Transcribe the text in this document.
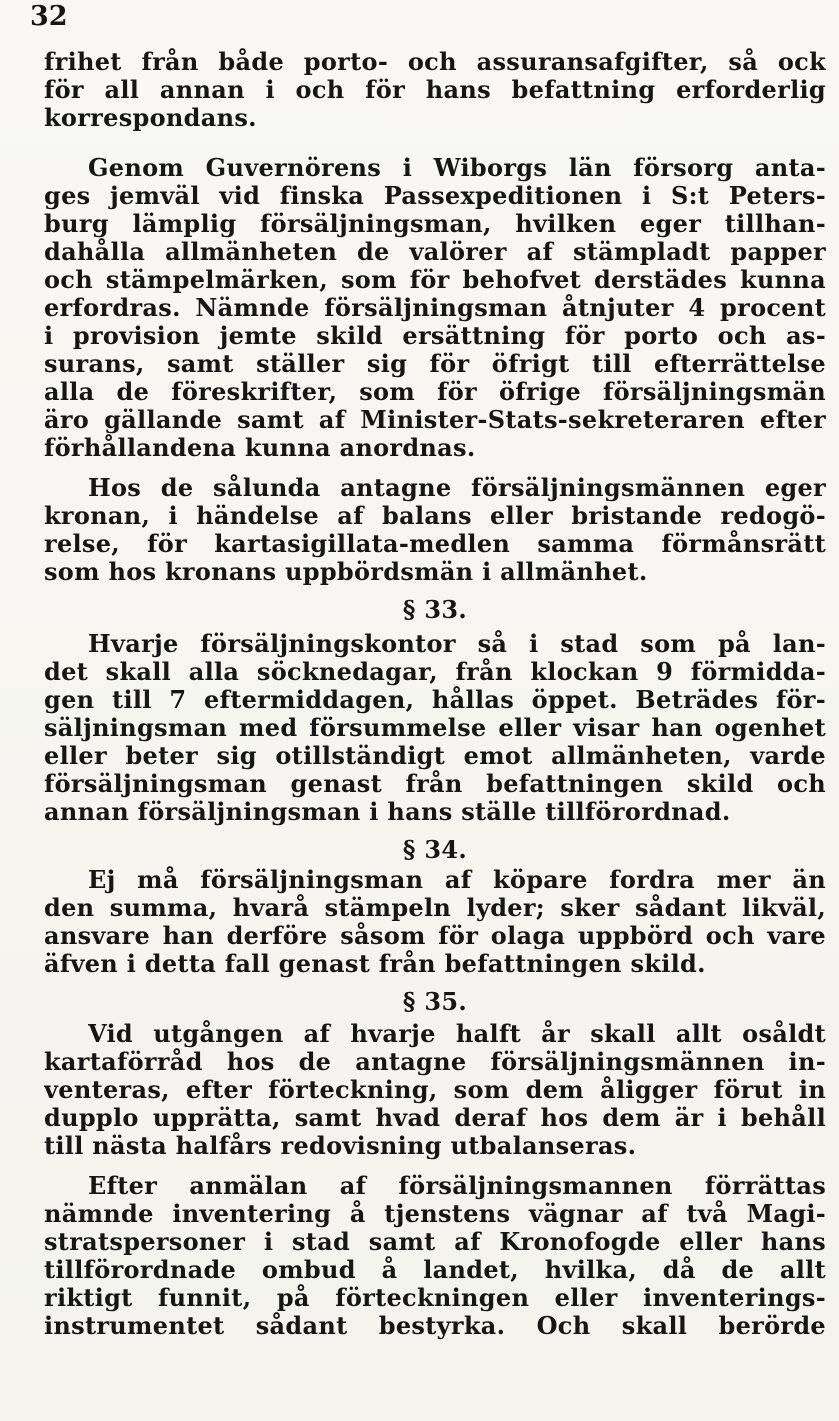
32
frihet från både porto- och assuransafgifter, så ock
för all annan i och för hans befattning erforderlig
korrespondans.
Genom Guvernörens i Wiborgs län försorg anta-
ges jemväl vid finska Passexpeditionen i S:t Peters-
burg lämplig försäljningsman, hvilken eger tillhan-
dahålla allmänheten de valörer af stämpladt papper
och stämpelmärken, som för behofvet derstädes kunna
erfordras. Nämnde försäljningsman åtnjuter 4 procent
i provision jemte skild ersättning för porto och as-
surans, samt ställer sig för öfrigt till efterrättelse
alla de föreskrifter, som för öfrige försäljningsmän
äro gällande samt af Minister-Stats-sekreteraren efter
förhållandena kunna anordnas.
Hos de sålunda antagne försäljningsmännen eger
kronan, i händelse af balans eller bristande redogö-
relse, för kartasigillata-medlen samma förmånsrätt
som hos kronans uppbördsmän i allmänhet.
§ 33.
Hvarje försäljningskontor så i stad som på lan-
det skall alla söcknedagar, från klockan 9 förmidda-
gen till 7 eftermiddagen, hållas öppet. Beträdes för-
säljningsman med försummelse eller visar han ogenhet
eller beter sig otillständigt emot allmänheten, varde
försäljningsman genast från befattningen skild och
annan försäljningsman i hans ställe tillförordnad.
§ 34.
Ej må försäljningsman af köpare fordra mer än
den summa, hvarå stämpeln lyder; sker sådant likväl,
ansvare han derföre såsom för olaga uppbörd och vare
äfven i detta fall genast från befattningen skild.
§ 35.
Vid utgången af hvarje halft år skall allt osåldt
kartaförråd hos de antagne försäljningsmännen in-
venteras, efter förteckning, som dem åligger förut in
dupplo upprätta, samt hvad deraf hos dem är i behåll
till nästa halfårs redovisning utbalanseras.
Efter anmälan af försäljningsmannen förrättas
nämnde inventering å tjenstens vägnar af två Magi-
stratspersoner i stad samt af Kronofogde eller hans
tillförordnade ombud å landet, hvilka, då de allt
riktigt funnit, på förteckningen eller inventerings-
instrumentet sådant bestyrka. Och skall berörde
